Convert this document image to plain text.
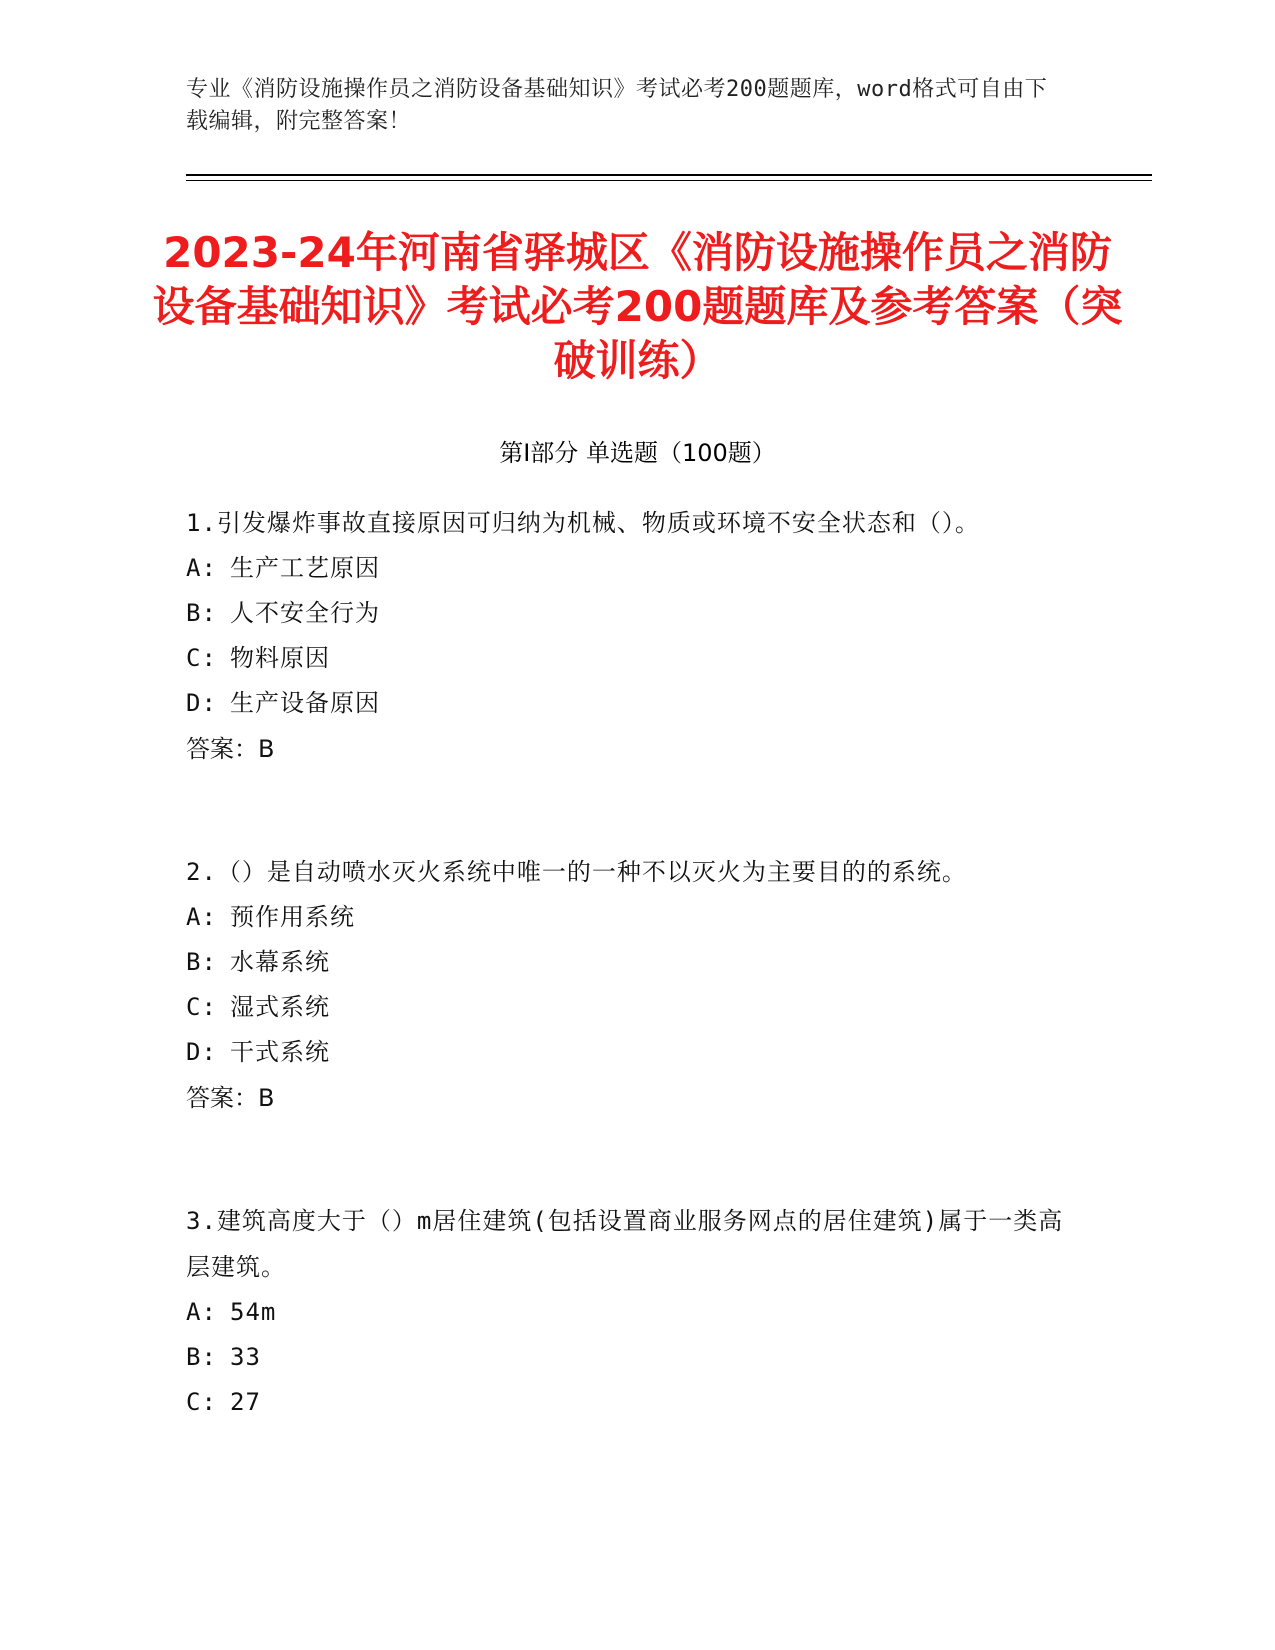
专业《消防设施操作员之消防设备基础知识》考试必考200题题库，word格式可自由下载编辑，附完整答案！
2023-24年河南省驿城区《消防设施操作员之消防设备基础知识》考试必考200题题库及参考答案（突破训练）
第I部分 单选题（100题）
1.引发爆炸事故直接原因可归纳为机械、物质或环境不安全状态和（）。
A: 生产工艺原因
B: 人不安全行为
C: 物料原因
D: 生产设备原因
答案：B
2.（）是自动喷水灭火系统中唯一的一种不以灭火为主要目的的系统。
A: 预作用系统
B: 水幕系统
C: 湿式系统
D: 干式系统
答案：B
3.建筑高度大于（）m居住建筑(包括设置商业服务网点的居住建筑)属于一类高层建筑。
A: 54m
B: 33
C: 27
